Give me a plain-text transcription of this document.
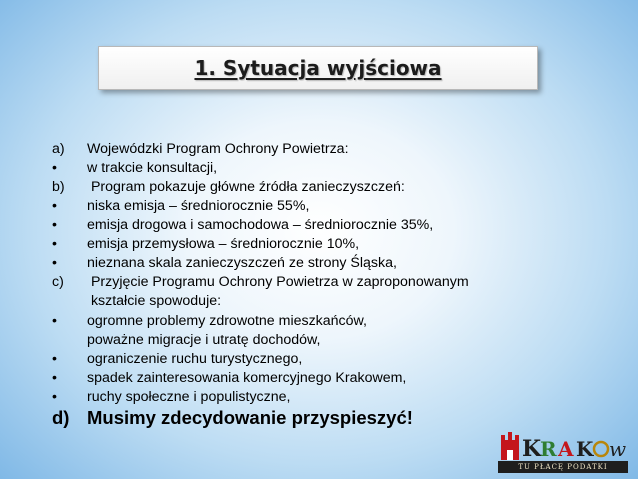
1. Sytuacja wyjściowa
a) Wojewódzki Program Ochrony Powietrza:
• w trakcie konsultacji,
b) Program pokazuje główne źródła zanieczyszczeń:
• niska emisja – średniorocznie 55%,
• emisja drogowa i samochodowa – średniorocznie 35%,
• emisja przemysłowa – średniorocznie 10%,
• nieznana skala zanieczyszczeń ze strony Śląska,
c) Przyjęcie Programu Ochrony Powietrza w zaproponowanym
kształcie spowoduje:
• ogromne problemy zdrowotne mieszkańców,
poważne migracje i utratę dochodów,
• ograniczenie ruchu turystycznego,
• spadek zainteresowania komercyjnego Krakowem,
• ruchy społeczne i populistyczne,
d) Musimy zdecydowanie przyspieszyć!
K
R A K w
TU PŁACĘ PODATKI
